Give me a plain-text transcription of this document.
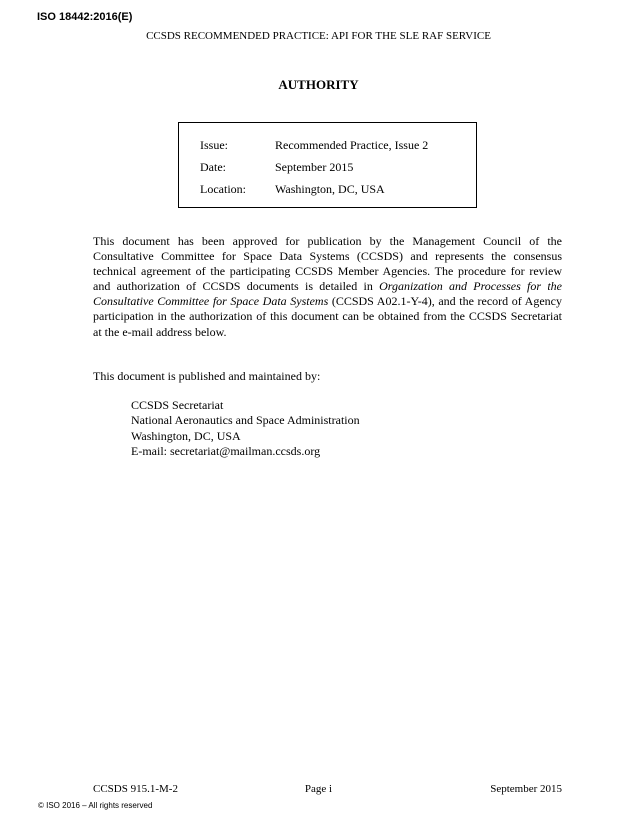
ISO 18442:2016(E)
CCSDS RECOMMENDED PRACTICE: API FOR THE SLE RAF SERVICE
AUTHORITY
Issue:	Recommended Practice, Issue 2
Date:	September 2015
Location: Washington, DC, USA

This document has been approved for publication by the Management Council of the Consultative Committee for Space Data Systems (CCSDS) and represents the consensus technical agreement of the participating CCSDS Member Agencies. The procedure for review and authorization of CCSDS documents is detailed in Organization and Processes for the Consultative Committee for Space Data Systems (CCSDS A02.1-Y-4), and the record of Agency participation in the authorization of this document can be obtained from the CCSDS Secretariat at the e-mail address below.

This document is published and maintained by:

CCSDS Secretariat
National Aeronautics and Space Administration
Washington, DC, USA
E-mail: secretariat@mailman.ccsds.org
CCSDS 915.1-M-2	Page i	September 2015
© ISO 2016 – All rights reserved
